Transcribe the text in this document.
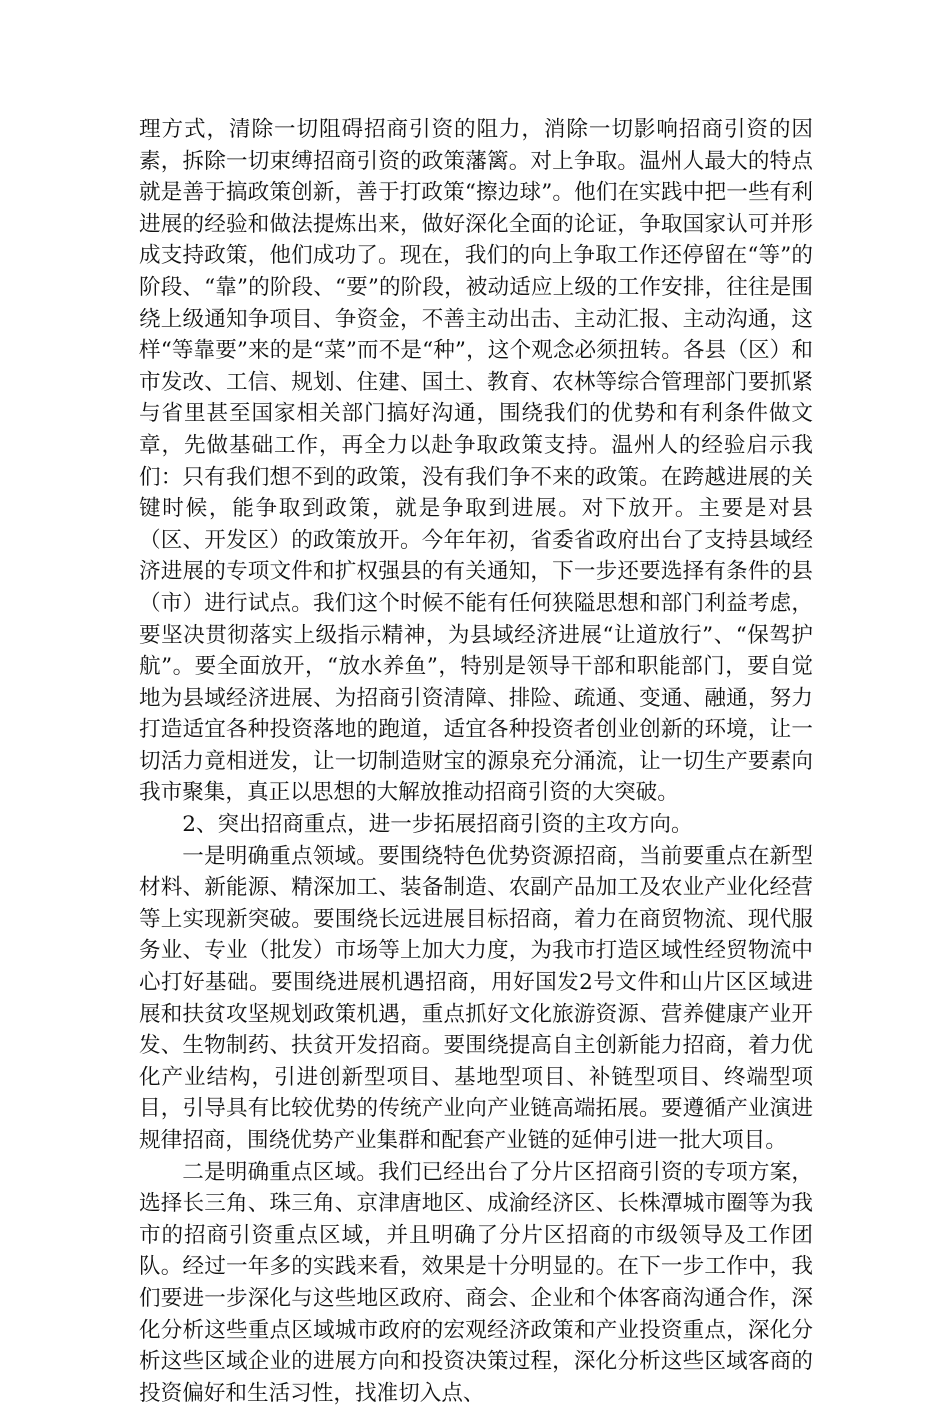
理方式，清除一切阻碍招商引资的阻力，消除一切影响招商引资的因素，拆除一切束缚招商引资的政策藩篱。对上争取。温州人最大的特点就是善于搞政策创新，善于打政策“擦边球”。他们在实践中把一些有利进展的经验和做法提炼出来，做好深化全面的论证，争取国家认可并形成支持政策，他们成功了。现在，我们的向上争取工作还停留在“等”的阶段、“靠”的阶段、“要”的阶段，被动适应上级的工作安排，往往是围绕上级通知争项目、争资金，不善主动出击、主动汇报、主动沟通，这样“等靠要”来的是“菜”而不是“种”，这个观念必须扭转。各县（区）和市发改、工信、规划、住建、国土、教育、农林等综合管理部门要抓紧与省里甚至国家相关部门搞好沟通，围绕我们的优势和有利条件做文章，先做基础工作，再全力以赴争取政策支持。温州人的经验启示我们：只有我们想不到的政策，没有我们争不来的政策。在跨越进展的关键时候，能争取到政策，就是争取到进展。对下放开。主要是对县（区、开发区）的政策放开。今年年初，省委省政府出台了支持县域经济进展的专项文件和扩权强县的有关通知，下一步还要选择有条件的县（市）进行试点。我们这个时候不能有任何狭隘思想和部门利益考虑，要坚决贯彻落实上级指示精神，为县域经济进展“让道放行”、“保驾护航”。要全面放开，“放水养鱼”，特别是领导干部和职能部门，要自觉地为县域经济进展、为招商引资清障、排险、疏通、变通、融通，努力打造适宜各种投资落地的跑道，适宜各种投资者创业创新的环境，让一切活力竟相迸发，让一切制造财宝的源泉充分涌流，让一切生产要素向我市聚集，真正以思想的大解放推动招商引资的大突破。

2、突出招商重点，进一步拓展招商引资的主攻方向。

一是明确重点领域。要围绕特色优势资源招商，当前要重点在新型材料、新能源、精深加工、装备制造、农副产品加工及农业产业化经营等上实现新突破。要围绕长远进展目标招商，着力在商贸物流、现代服务业、专业（批发）市场等上加大力度，为我市打造区域性经贸物流中心打好基础。要围绕进展机遇招商，用好国发2号文件和山片区区域进展和扶贫攻坚规划政策机遇，重点抓好文化旅游资源、营养健康产业开发、生物制药、扶贫开发招商。要围绕提高自主创新能力招商，着力优化产业结构，引进创新型项目、基地型项目、补链型项目、终端型项目，引导具有比较优势的传统产业向产业链高端拓展。要遵循产业演进规律招商，围绕优势产业集群和配套产业链的延伸引进一批大项目。

二是明确重点区域。我们已经出台了分片区招商引资的专项方案，选择长三角、珠三角、京津唐地区、成渝经济区、长株潭城市圈等为我市的招商引资重点区域，并且明确了分片区招商的市级领导及工作团队。经过一年多的实践来看，效果是十分明显的。在下一步工作中，我们要进一步深化与这些地区政府、商会、企业和个体客商沟通合作，深化分析这些重点区域城市政府的宏观经济政策和产业投资重点，深化分析这些区域企业的进展方向和投资决策过程，深化分析这些区域客商的投资偏好和生活习性，找准切入点、
